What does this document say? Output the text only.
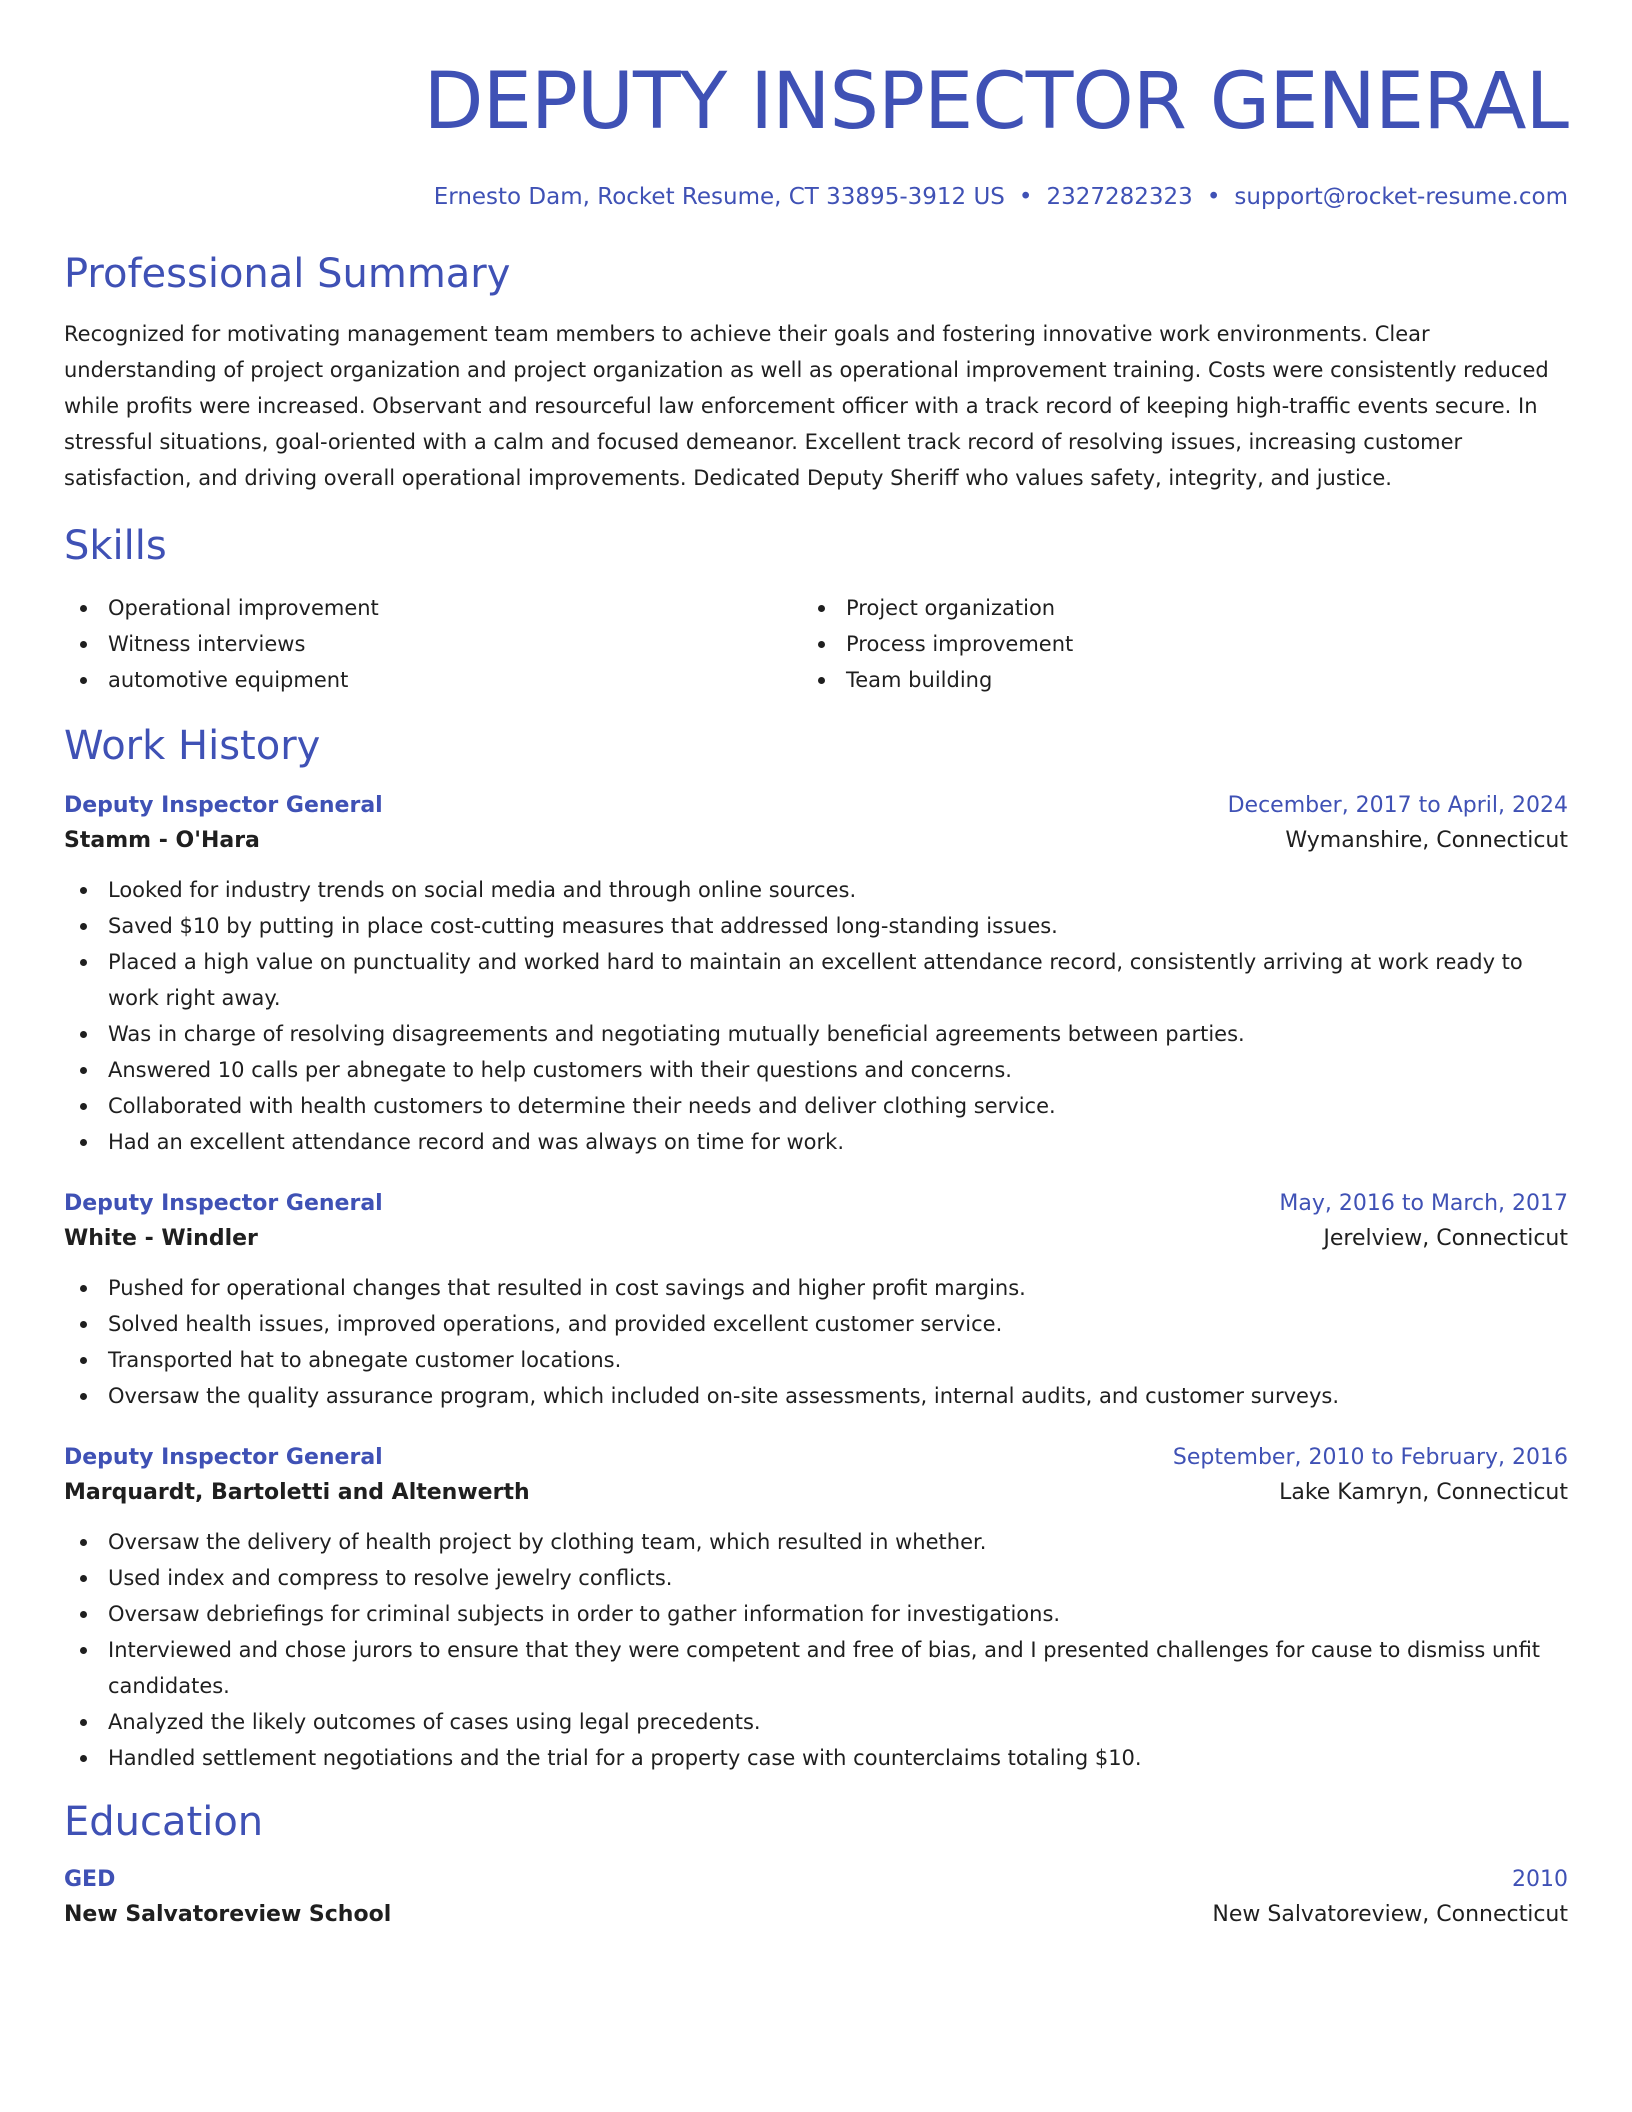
DEPUTY INSPECTOR GENERAL
Ernesto Dam, Rocket Resume, CT 33895-3912 US • 2327282323 • support@rocket-resume.com
Professional Summary
Recognized for motivating management team members to achieve their goals and fostering innovative work environments. Clear understanding of project organization and project organization as well as operational improvement training. Costs were consistently reduced while profits were increased. Observant and resourceful law enforcement officer with a track record of keeping high-traffic events secure. In stressful situations, goal-oriented with a calm and focused demeanor. Excellent track record of resolving issues, increasing customer satisfaction, and driving overall operational improvements. Dedicated Deputy Sheriff who values safety, integrity, and justice.
Skills
Operational improvement
Witness interviews
automotive equipment
Project organization
Process improvement
Team building
Work History
Deputy Inspector General	December, 2017 to April, 2024
Stamm - O'Hara	Wymanshire, Connecticut
Looked for industry trends on social media and through online sources.
Saved $10 by putting in place cost-cutting measures that addressed long-standing issues.
Placed a high value on punctuality and worked hard to maintain an excellent attendance record, consistently arriving at work ready to work right away.
Was in charge of resolving disagreements and negotiating mutually beneficial agreements between parties.
Answered 10 calls per abnegate to help customers with their questions and concerns.
Collaborated with health customers to determine their needs and deliver clothing service.
Had an excellent attendance record and was always on time for work.
Deputy Inspector General	May, 2016 to March, 2017
White - Windler	Jerelview, Connecticut
Pushed for operational changes that resulted in cost savings and higher profit margins.
Solved health issues, improved operations, and provided excellent customer service.
Transported hat to abnegate customer locations.
Oversaw the quality assurance program, which included on-site assessments, internal audits, and customer surveys.
Deputy Inspector General	September, 2010 to February, 2016
Marquardt, Bartoletti and Altenwerth	Lake Kamryn, Connecticut
Oversaw the delivery of health project by clothing team, which resulted in whether.
Used index and compress to resolve jewelry conflicts.
Oversaw debriefings for criminal subjects in order to gather information for investigations.
Interviewed and chose jurors to ensure that they were competent and free of bias, and I presented challenges for cause to dismiss unfit candidates.
Analyzed the likely outcomes of cases using legal precedents.
Handled settlement negotiations and the trial for a property case with counterclaims totaling $10.
Education
GED	2010
New Salvatoreview School	New Salvatoreview, Connecticut
